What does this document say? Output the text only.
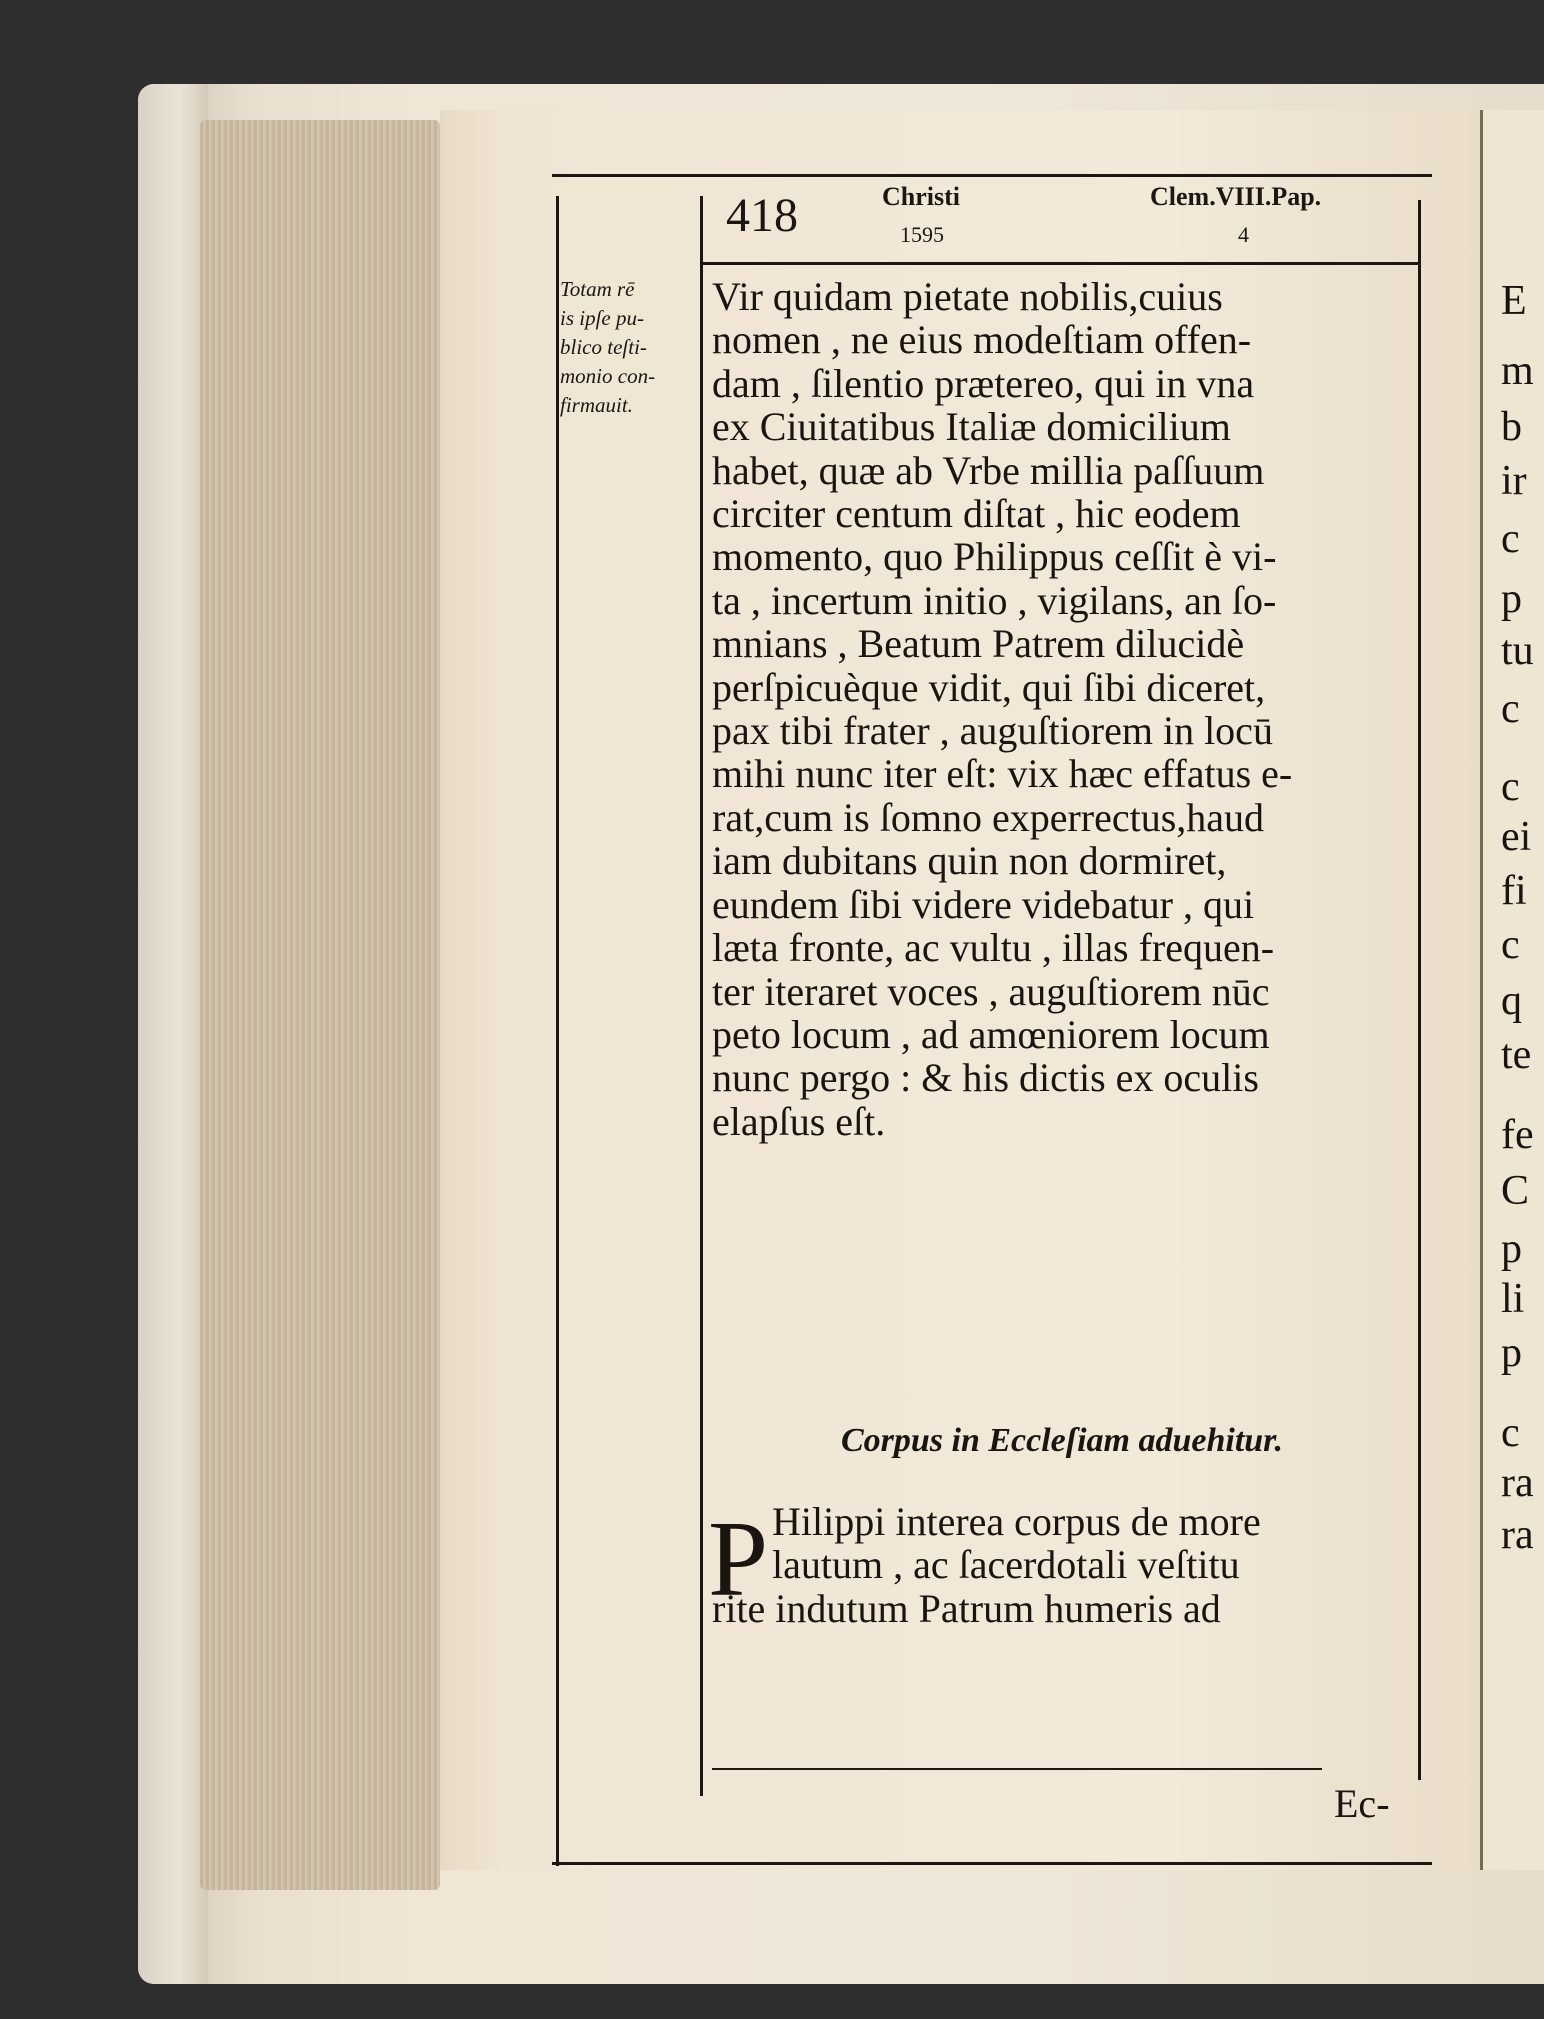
E
m
b
ir
c
p
tu
c
c
ei
fi
c
q
te
fe
C
p
li
p
c
ra
ra
418	Christi
1595
Clem.VIII.Pap.
4
Totam rē
is ipſe pu-
blico teſti-
monio con-
firmauit.
Vir quidam pietate nobilis,cuius
nomen , ne eius modeſtiam offen-
dam , ſilentio prætereo, qui in vna
ex Ciuitatibus Italiæ domicilium
habet, quæ ab Vrbe millia paſſuum
circiter centum diſtat , hic eodem
momento, quo Philippus ceſſit è vi-
ta , incertum initio , vigilans, an ſo-
mnians , Beatum Patrem dilucidè
perſpicuèque vidit, qui ſibi diceret,
pax tibi frater , auguſtiorem in locū
mihi nunc iter eſt: vix hæc effatus e-
rat,cum is ſomno experrectus,haud
iam dubitans quin non dormiret,
eundem ſibi videre videbatur , qui
læta fronte, ac vultu , illas frequen-
ter iteraret voces , auguſtiorem nūc
peto locum , ad amœniorem locum
nunc pergo : & his dictis ex oculis
elapſus eſt.
Corpus in Eccleſiam aduehitur.
P Hilippi interea corpus de more
lautum , ac ſacerdotali veſtitu
rite indutum Patrum humeris ad
Ec-
